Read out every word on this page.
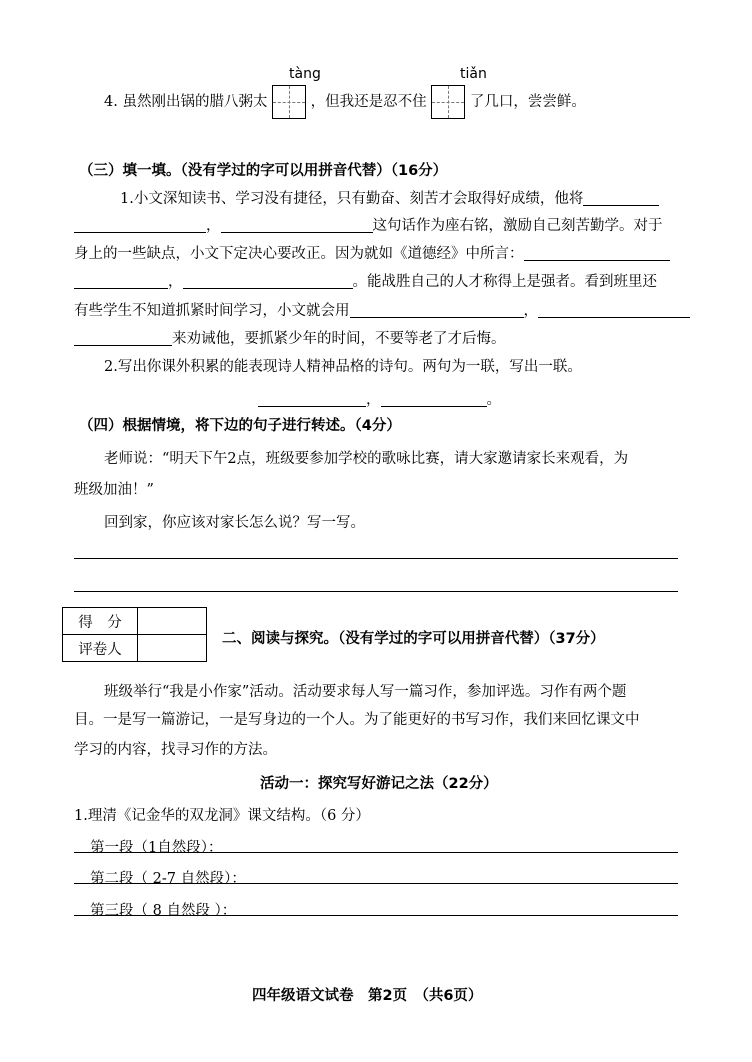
tàng	tiǎn
4. 虽然刚出锅的腊八粥太	，但我还是忍不住	了几口，尝尝鲜。
（三）填一填。（没有学过的字可以用拼音代替）（16分）
1.小文深知读书、学习没有捷径，只有勤奋、刻苦才会取得好成绩，他将
，	这句话作为座右铭，激励自己刻苦勤学。对于
身上的一些缺点，小文下定决心要改正。因为就如《道德经》中所言：
，	。能战胜自己的人才称得上是强者。看到班里还
有些学生不知道抓紧时间学习，小文就会用	，
来劝诫他，要抓紧少年的时间，不要等老了才后悔。
2.写出你课外积累的能表现诗人精神品格的诗句。两句为一联，写出一联。
，	。
（四）根据情境，将下边的句子进行转述。（4分）
老师说：“明天下午2点，班级要参加学校的歌咏比赛，请大家邀请家长来观看，为
班级加油！”
回到家，你应该对家长怎么说？写一写。
得　分	
评卷人	
二、阅读与探究。（没有学过的字可以用拼音代替）（37分）
班级举行“我是小作家”活动。活动要求每人写一篇习作，参加评选。习作有两个题
目。一是写一篇游记，一是写身边的一个人。为了能更好的书写习作，我们来回忆课文中
学习的内容，找寻习作的方法。
活动一：探究写好游记之法（22分）
1.理清《记金华的双龙洞》课文结构。（6 分）
第一段（1自然段）：
第二段（ 2-7 自然段）：
第三段（ 8 自然段 ）：
四年级语文试卷　第2页　（共6页）
